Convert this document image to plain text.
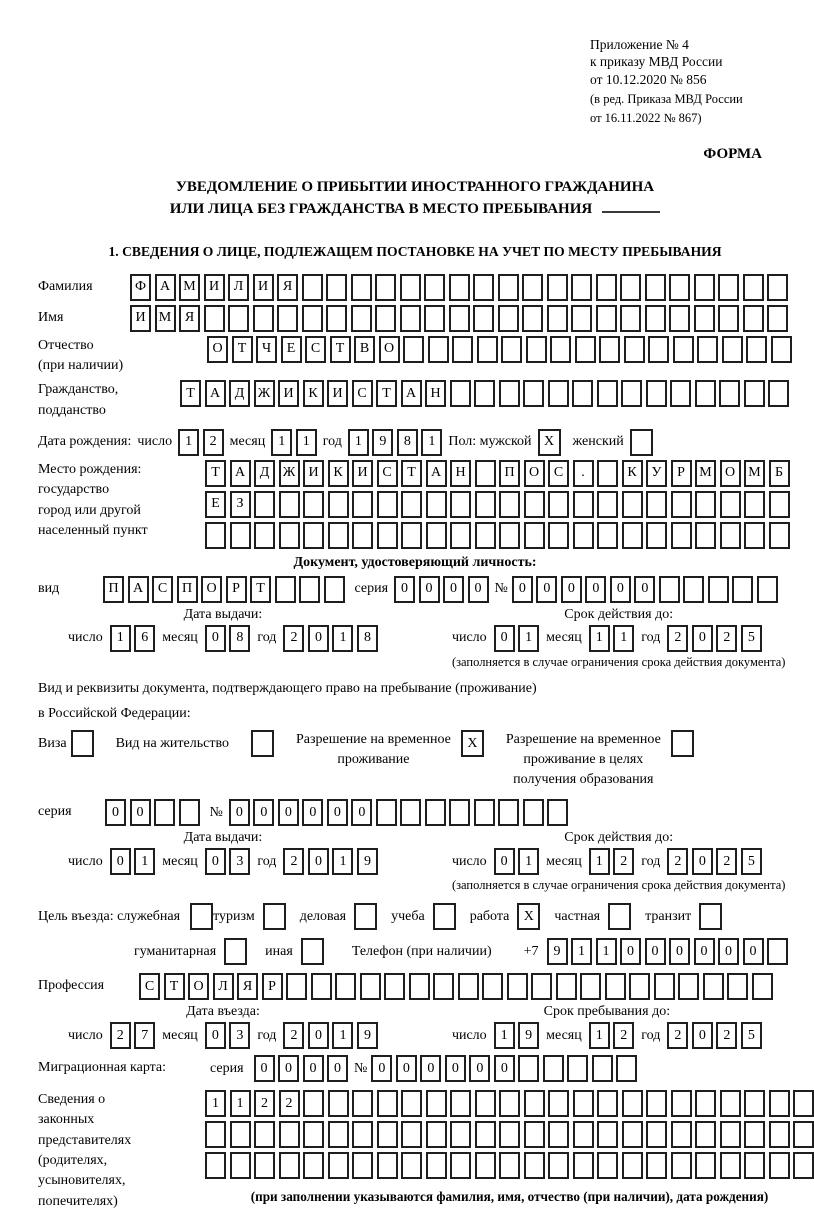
Приложение № 4
к приказу МВД России
от 10.12.2020 № 856
(в ред. Приказа МВД России
от 16.11.2022 № 867)
ФОРМА
УВЕДОМЛЕНИЕ О ПРИБЫТИИ ИНОСТРАННОГО ГРАЖДАНИНА
ИЛИ ЛИЦА БЕЗ ГРАЖДАНСТВА В МЕСТО ПРЕБЫВАНИЯ
1. СВЕДЕНИЯ О ЛИЦЕ, ПОДЛЕЖАЩЕМ ПОСТАНОВКЕ НА УЧЕТ ПО МЕСТУ ПРЕБЫВАНИЯ
Фамилия	Ф А М И	Л	И	Я
Имя	И М Я
Отчество
(при наличии)
О	Т	Ч	Е	С	Т	В	О
Гражданство,
подданство
Т	А	Д Ж И	К	И	С	Т	А	Н
Дата рождения: число 1	2 месяц 1	1 год 1	9	8	1 Пол: мужской X	женский
Место рождения:
государство
город или другой
населенный пункт
Т	А	Д Ж И	К	И	С	Т	А	Н	П	О	С	.	К	У	Р	М О М	Б
Е	З
Документ, удостоверяющий личность:
вид	П	А	С	П	О	Р	Т	серия 0	0	0	0 № 0	0	0	0	0	0
Дата выдачи:
число	1	6	месяц	0	8	год	2	0	1	8
Срок действия до:
число	0	1	месяц	1	1	год	2	0	2	5
(заполняется в случае ограничения срока действия документа)
Вид и реквизиты документа, подтверждающего право на пребывание (проживание)
в Российской Федерации:
Виза	Вид на жительство	Разрешение на временное
проживание
X	Разрешение на временное
проживание в целях
получения образования
серия	0	0	№ 0	0	0	0	0	0
Дата выдачи:
число	0	1	месяц	0	3	год	2	0	1	9
Срок действия до:
число	0	1	месяц	1	2	год	2	0	2	5
(заполняется в случае ограничения срока действия документа)
Цель въезда: служебная туризм	деловая	учеба	работа	X	частная	транзит
гуманитарная	иная	Телефон (при наличии) +7	9	1	1	0	0	0	0	0	0
Профессия	С	Т	О	Л	Я	Р
Дата въезда:
число	2	7	месяц	0	3	год	2	0	1	9
Срок пребывания до:
число	1	9	месяц	1	2	год	2	0	2	5
Миграционная карта:	серия	0	0	0	0 № 0	0	0	0	0	0
Сведения о
законных
представителях
(родителях,
усыновителях,
попечителях)
1	1	2	2
(при заполнении указываются фамилия, имя, отчество (при наличии), дата рождения)
